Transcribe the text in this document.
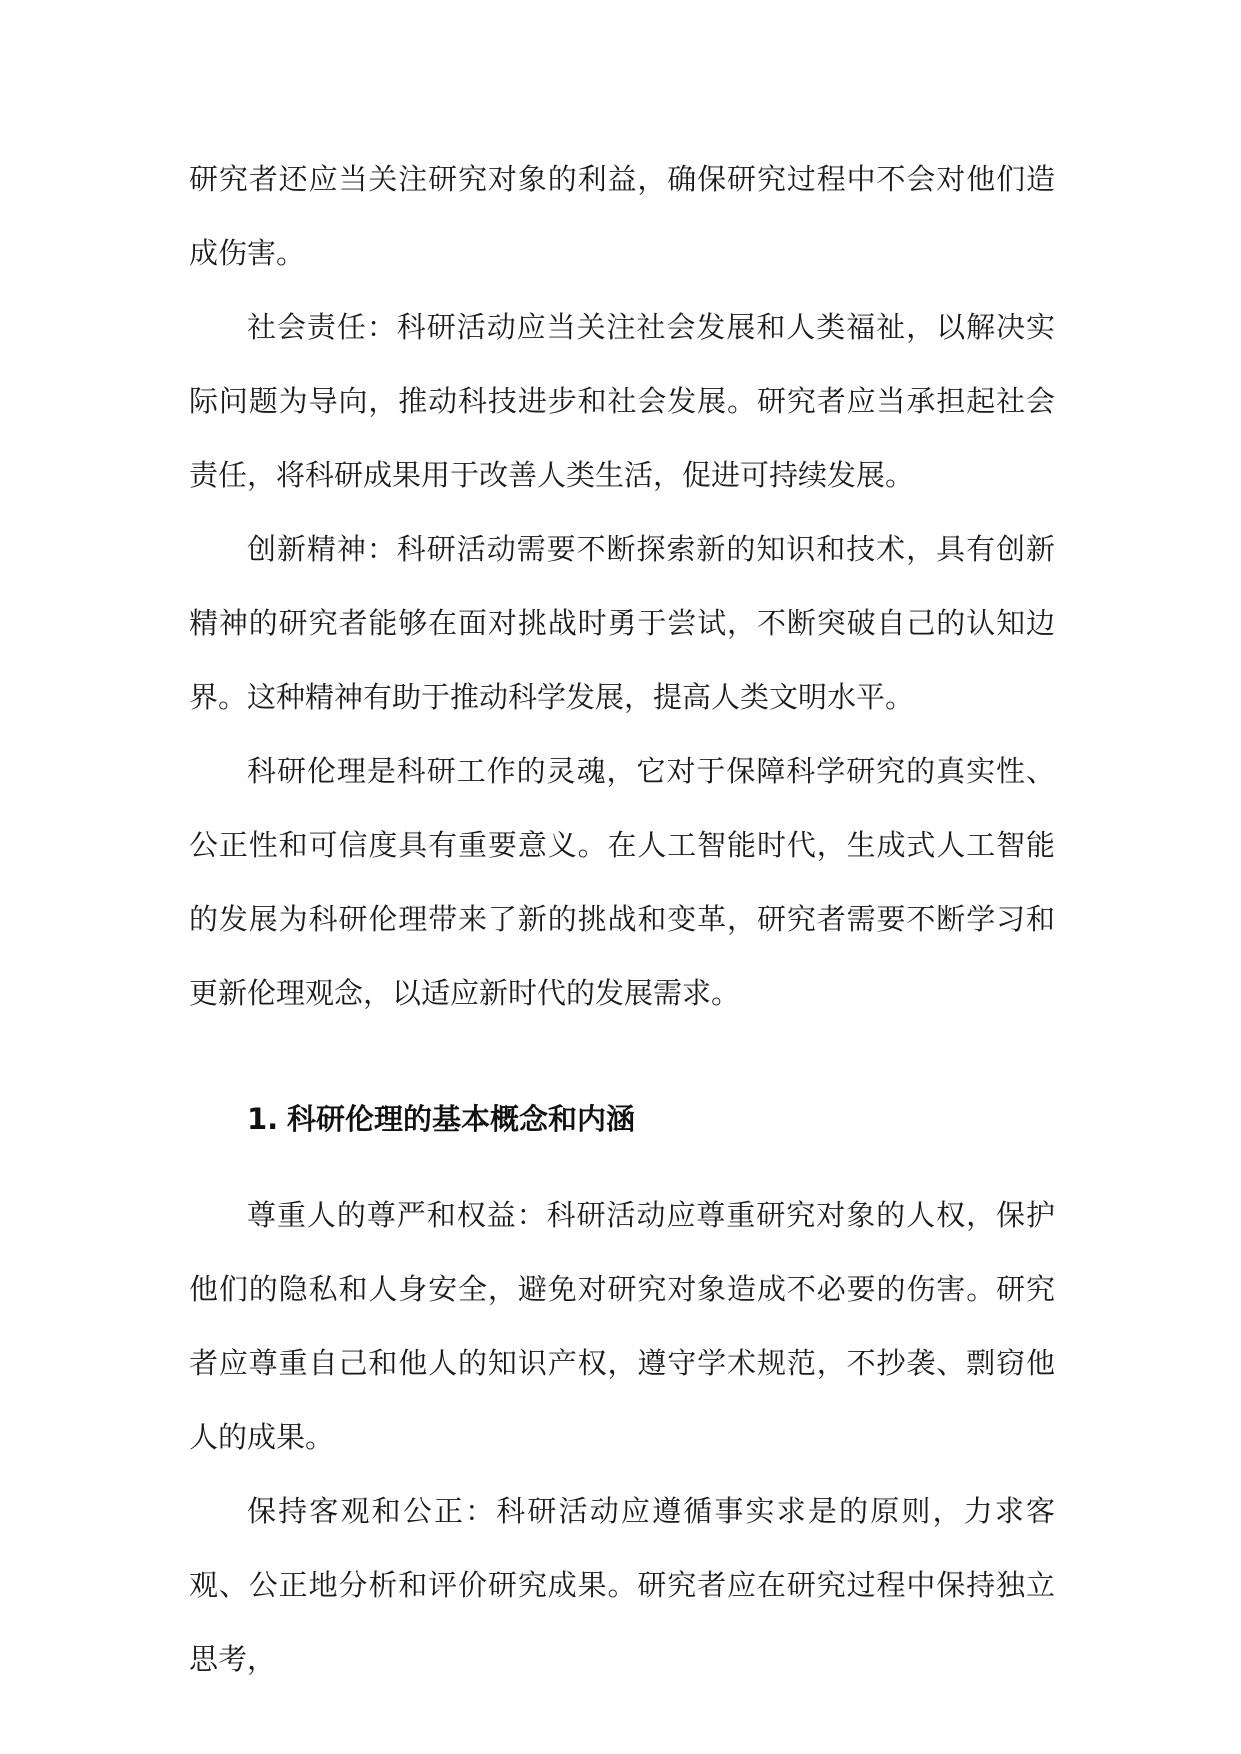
研究者还应当关注研究对象的利益，确保研究过程中不会对他们造成伤害。

社会责任：科研活动应当关注社会发展和人类福祉，以解决实际问题为导向，推动科技进步和社会发展。研究者应当承担起社会责任，将科研成果用于改善人类生活，促进可持续发展。

创新精神：科研活动需要不断探索新的知识和技术，具有创新精神的研究者能够在面对挑战时勇于尝试，不断突破自己的认知边界。这种精神有助于推动科学发展，提高人类文明水平。

科研伦理是科研工作的灵魂，它对于保障科学研究的真实性、公正性和可信度具有重要意义。在人工智能时代，生成式人工智能的发展为科研伦理带来了新的挑战和变革，研究者需要不断学习和更新伦理观念，以适应新时代的发展需求。

1. 科研伦理的基本概念和内涵

尊重人的尊严和权益：科研活动应尊重研究对象的人权，保护他们的隐私和人身安全，避免对研究对象造成不必要的伤害。研究者应尊重自己和他人的知识产权，遵守学术规范，不抄袭、剽窃他人的成果。

保持客观和公正：科研活动应遵循事实求是的原则，力求客观、公正地分析和评价研究成果。研究者应在研究过程中保持独立思考，
